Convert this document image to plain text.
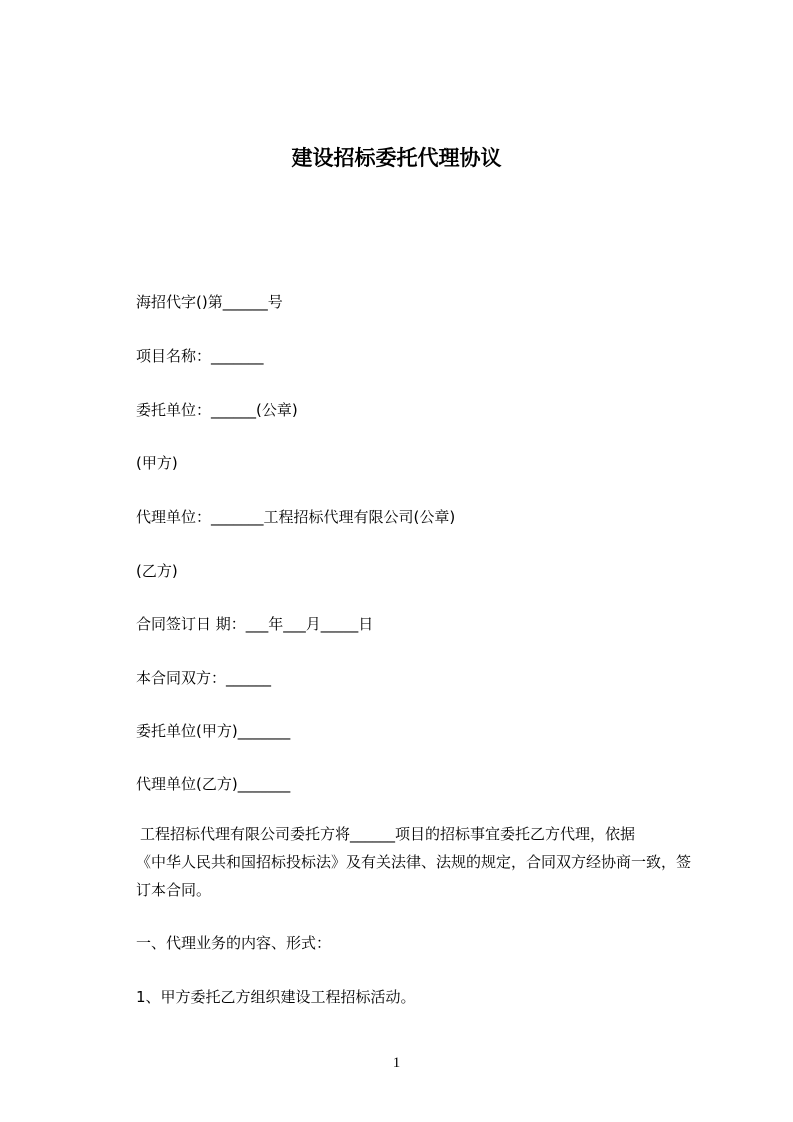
建设招标委托代理协议
海招代字()第______号
项目名称：_______
委托单位：______(公章)
(甲方)
代理单位：_______工程招标代理有限公司(公章)
(乙方)
合同签订日 期：___年___月_____日
本合同双方：______
委托单位(甲方)_______
代理单位(乙方)_______
工程招标代理有限公司委托方将______项目的招标事宜委托乙方代理，依据
《中华人民共和国招标投标法》及有关法律、法规的规定，合同双方经协商一致，签
订本合同。
一、代理业务的内容、形式：
1、甲方委托乙方组织建设工程招标活动。
1
